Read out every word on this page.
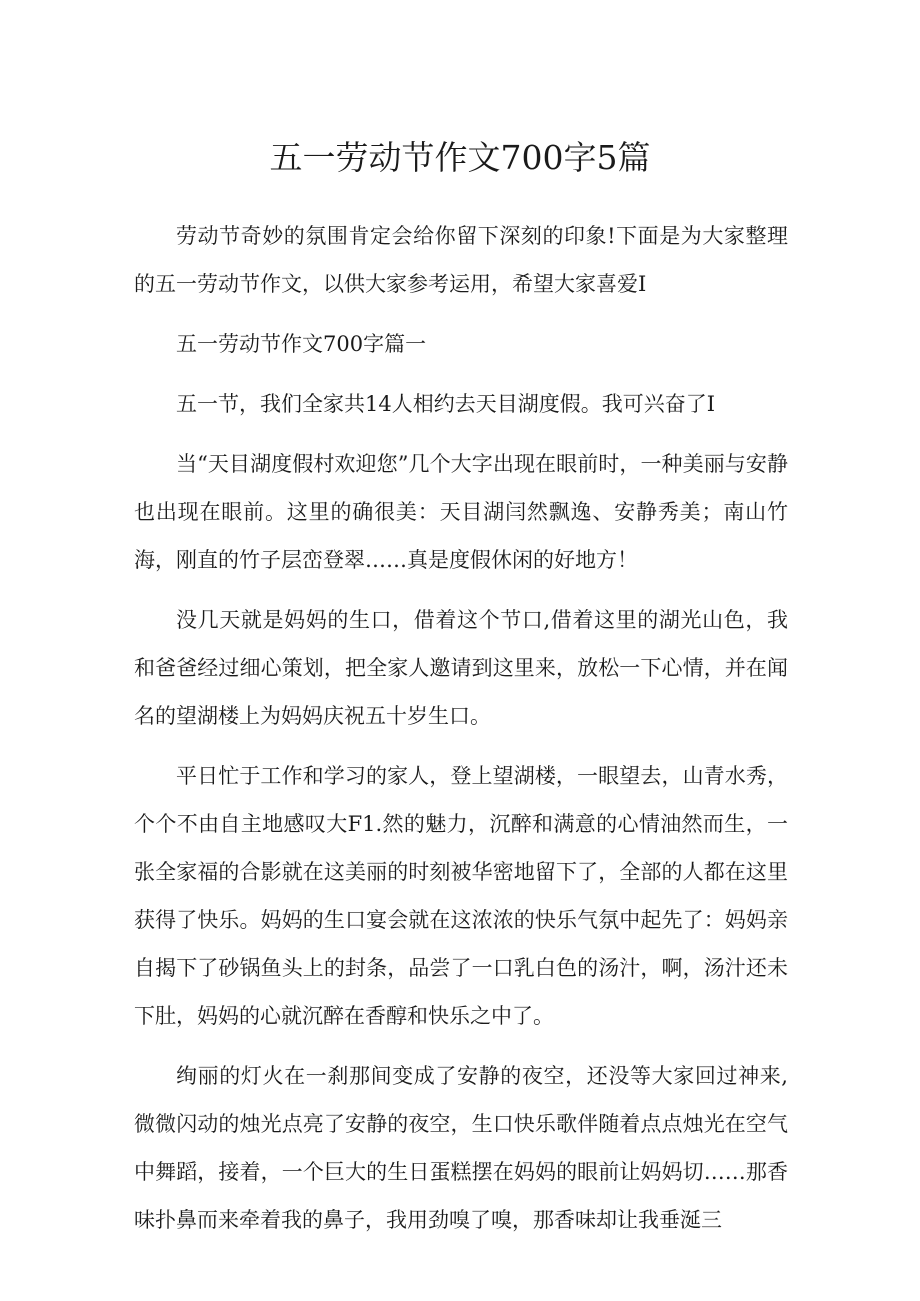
五一劳动节作文700字5篇

劳动节奇妙的氛围肯定会给你留下深刻的印象!下面是为大家整理的五一劳动节作文，以供大家参考运用，希望大家喜爱I

五一劳动节作文700字篇一

五一节，我们全家共14人相约去天目湖度假。我可兴奋了I

当“天目湖度假村欢迎您”几个大字出现在眼前时，一种美丽与安静也出现在眼前。这里的确很美：天目湖闫然飘逸、安静秀美；南山竹海，刚直的竹子层峦登翠……真是度假休闲的好地方！

没几天就是妈妈的生口，借着这个节口,借着这里的湖光山色，我和爸爸经过细心策划，把全家人邀请到这里来，放松一下心情，并在闻名的望湖楼上为妈妈庆祝五十岁生口。

平日忙于工作和学习的家人，登上望湖楼，一眼望去，山青水秀，个个不由自主地感叹大F1.然的魅力，沉醉和满意的心情油然而生，一张全家福的合影就在这美丽的时刻被华密地留下了，全部的人都在这里获得了快乐。妈妈的生口宴会就在这浓浓的快乐气氛中起先了：妈妈亲自揭下了砂锅鱼头上的封条，品尝了一口乳白色的汤汁，啊，汤汁还未下肚，妈妈的心就沉醉在香醇和快乐之中了。

绚丽的灯火在一刹那间变成了安静的夜空，还没等大家回过神来,微微闪动的烛光点亮了安静的夜空，生口快乐歌伴随着点点烛光在空气中舞蹈，接着，一个巨大的生日蛋糕摆在妈妈的眼前让妈妈切……那香味扑鼻而来牵着我的鼻子，我用劲嗅了嗅，那香味却让我垂涎三
